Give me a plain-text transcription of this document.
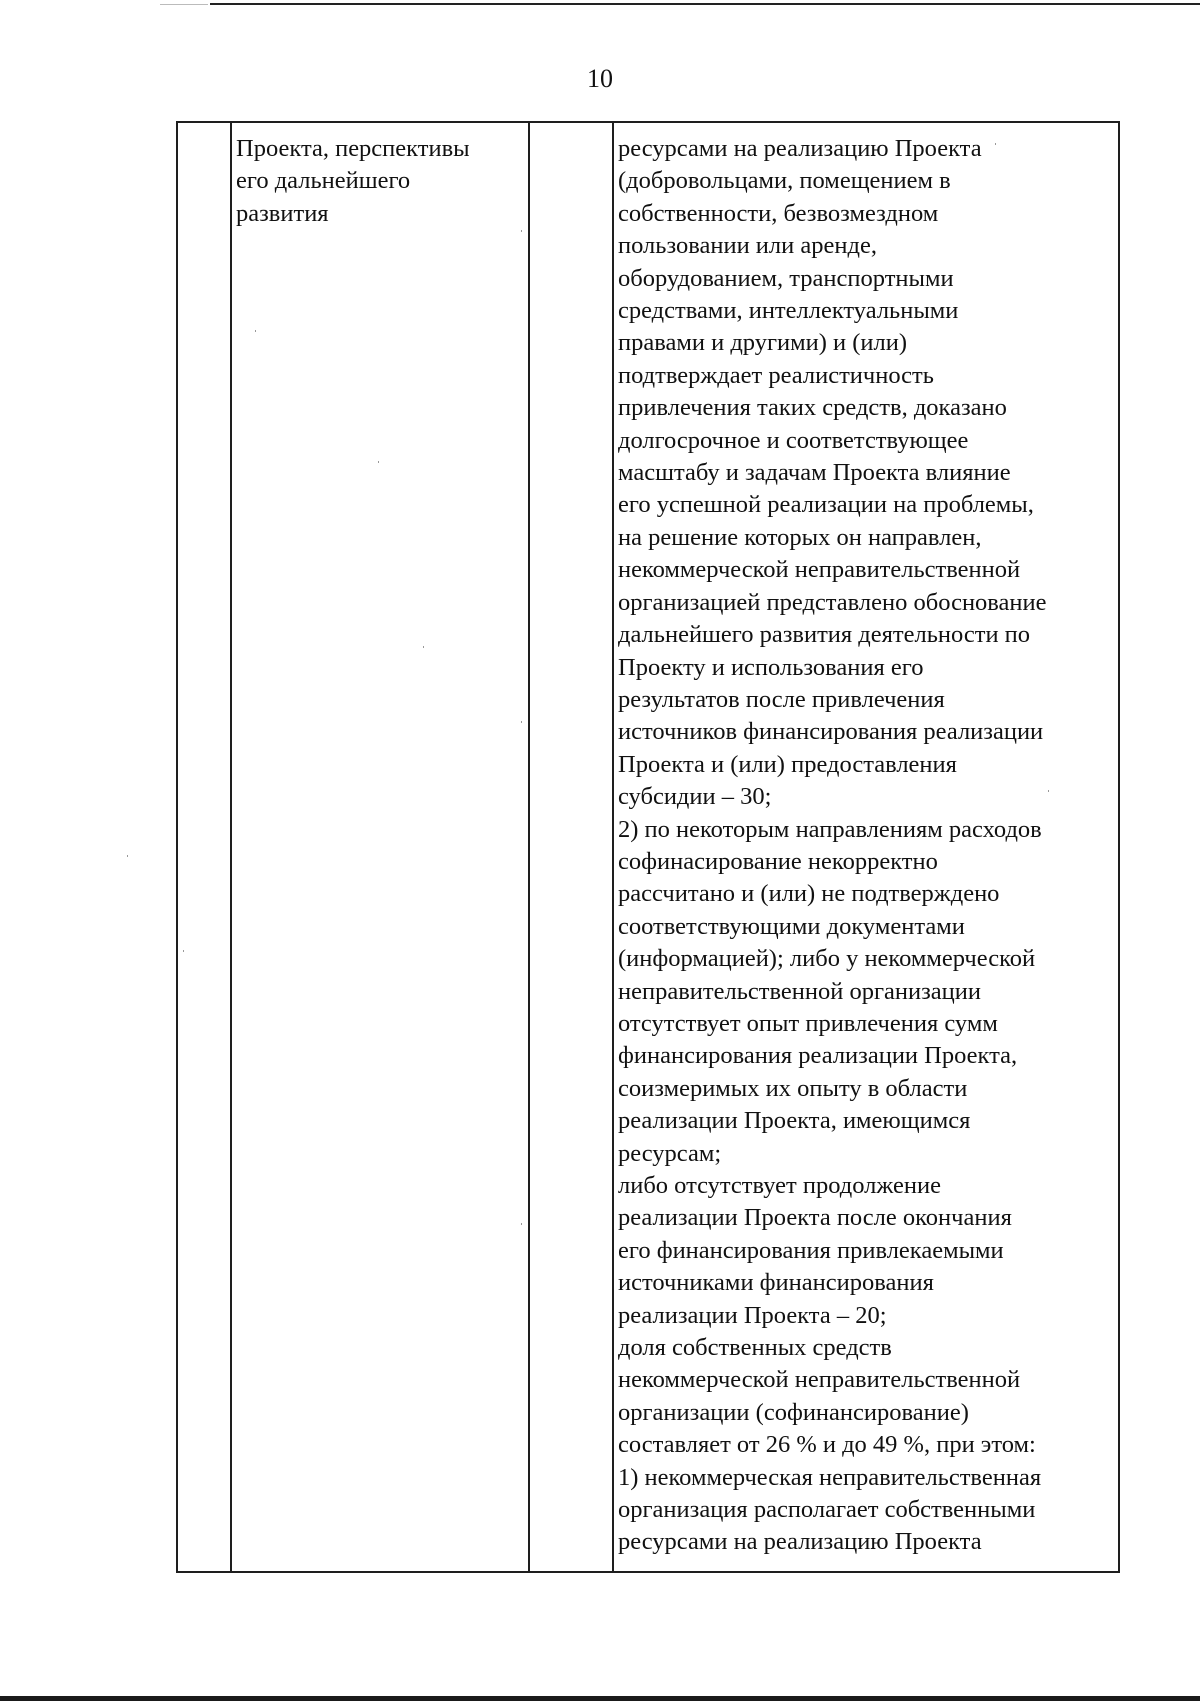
10
Проекта, перспективы
его дальнейшего
развития
ресурсами на реализацию Проекта
(добровольцами, помещением в
собственности, безвозмездном
пользовании или аренде,
оборудованием, транспортными
средствами, интеллектуальными
правами и другими) и (или)
подтверждает реалистичность
привлечения таких средств, доказано
долгосрочное и соответствующее
масштабу и задачам Проекта влияние
его успешной реализации на проблемы,
на решение которых он направлен,
некоммерческой неправительственной
организацией представлено обоснование
дальнейшего развития деятельности по
Проекту и использования его
результатов после привлечения
источников финансирования реализации
Проекта и (или) предоставления
субсидии – 30;
2) по некоторым направлениям расходов
софинасирование некорректно
рассчитано и (или) не подтверждено
соответствующими документами
(информацией); либо у некоммерческой
неправительственной организации
отсутствует опыт привлечения сумм
финансирования реализации Проекта,
соизмеримых их опыту в области
реализации Проекта, имеющимся
ресурсам;
либо отсутствует продолжение
реализации Проекта после окончания
его финансирования привлекаемыми
источниками финансирования
реализации Проекта – 20;
доля собственных средств
некоммерческой неправительственной
организации (софинансирование)
составляет от 26 % и до 49 %, при этом:
1) некоммерческая неправительственная
организация располагает собственными
ресурсами на реализацию Проекта
